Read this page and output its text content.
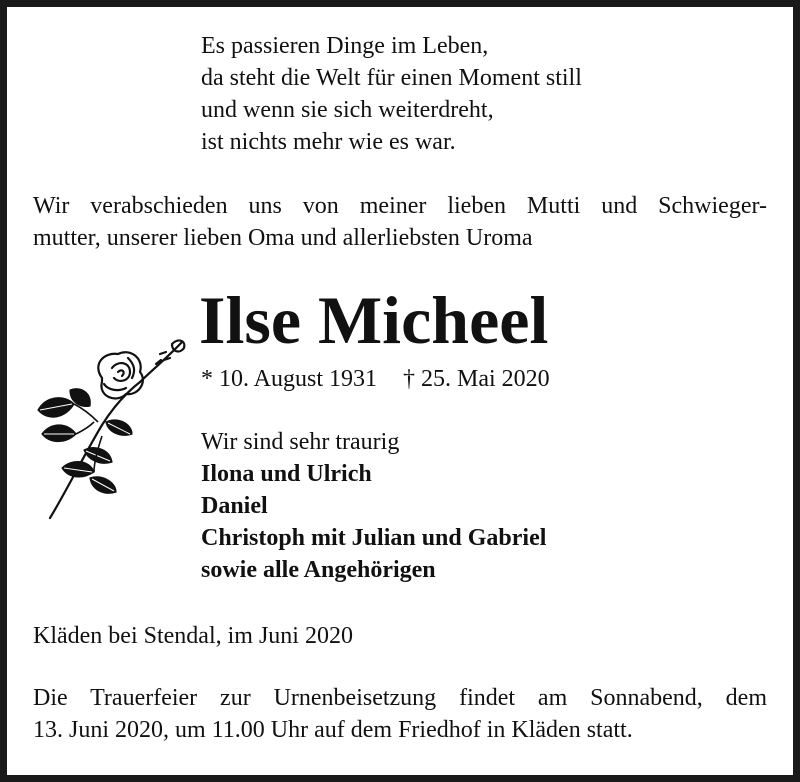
Es passieren Dinge im Leben,
da steht die Welt für einen Moment still
und wenn sie sich weiterdreht,
ist nichts mehr wie es war.
Wir verabschieden uns von meiner lieben Mutti und Schwieger-
mutter, unserer lieben Oma und allerliebsten Uroma
Ilse Micheel
* 10. August 1931 † 25. Mai 2020
Wir sind sehr traurig
Ilona und Ulrich
Daniel
Christoph mit Julian und Gabriel
sowie alle Angehörigen
Kläden bei Stendal, im Juni 2020
Die Trauerfeier zur Urnenbeisetzung findet am Sonnabend, dem
13. Juni 2020, um 11.00 Uhr auf dem Friedhof in Kläden statt.
